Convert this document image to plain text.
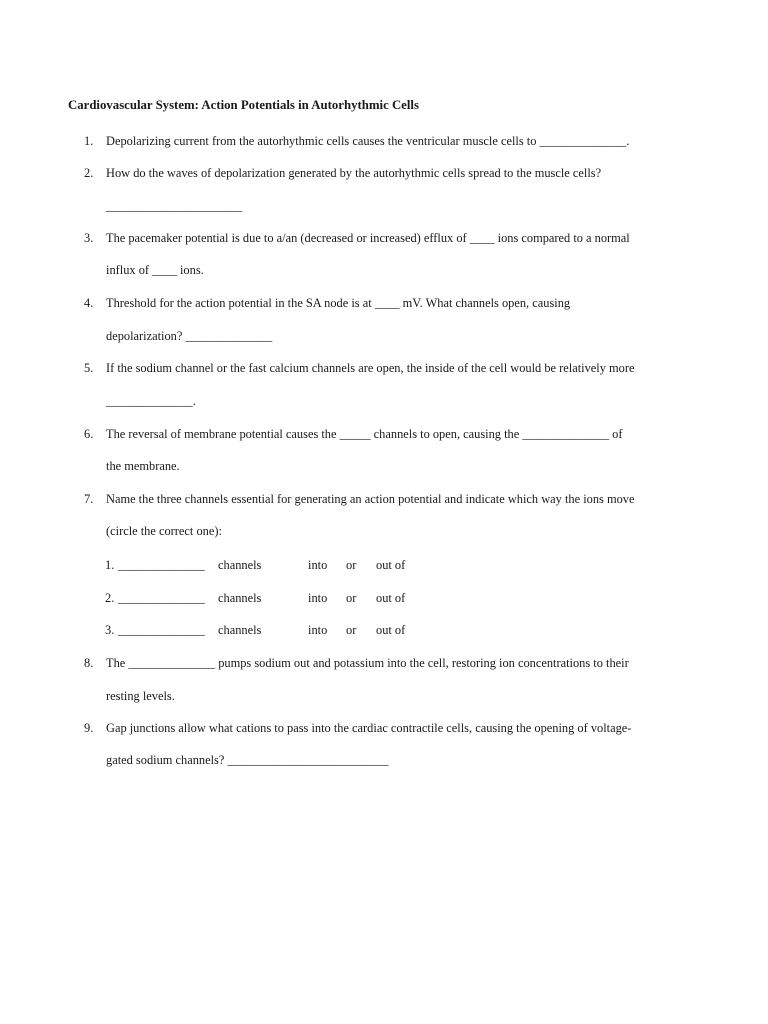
Cardiovascular System: Action Potentials in Autorhythmic Cells
1. Depolarizing current from the autorhythmic cells causes the ventricular muscle cells to ______________.
2. How do the waves of depolarization generated by the autorhythmic cells spread to the muscle cells?
______________________
3. The pacemaker potential is due to a/an (decreased or increased) efflux of ____ ions compared to a normal
influx of ____ ions.
4. Threshold for the action potential in the SA node is at ____ mV. What channels open, causing
depolarization? ______________
5. If the sodium channel or the fast calcium channels are open, the inside of the cell would be relatively more
______________.
6. The reversal of membrane potential causes the _____ channels to open, causing the ______________ of
the membrane.
7. Name the three channels essential for generating an action potential and indicate which way the ions move
(circle the correct one):
1. ______________ channels	into or out of
2. ______________ channels	into or out of
3. ______________ channels	into or out of
8. The ______________ pumps sodium out and potassium into the cell, restoring ion concentrations to their
resting levels.
9. Gap junctions allow what cations to pass into the cardiac contractile cells, causing the opening of voltage-
gated sodium channels? __________________________
